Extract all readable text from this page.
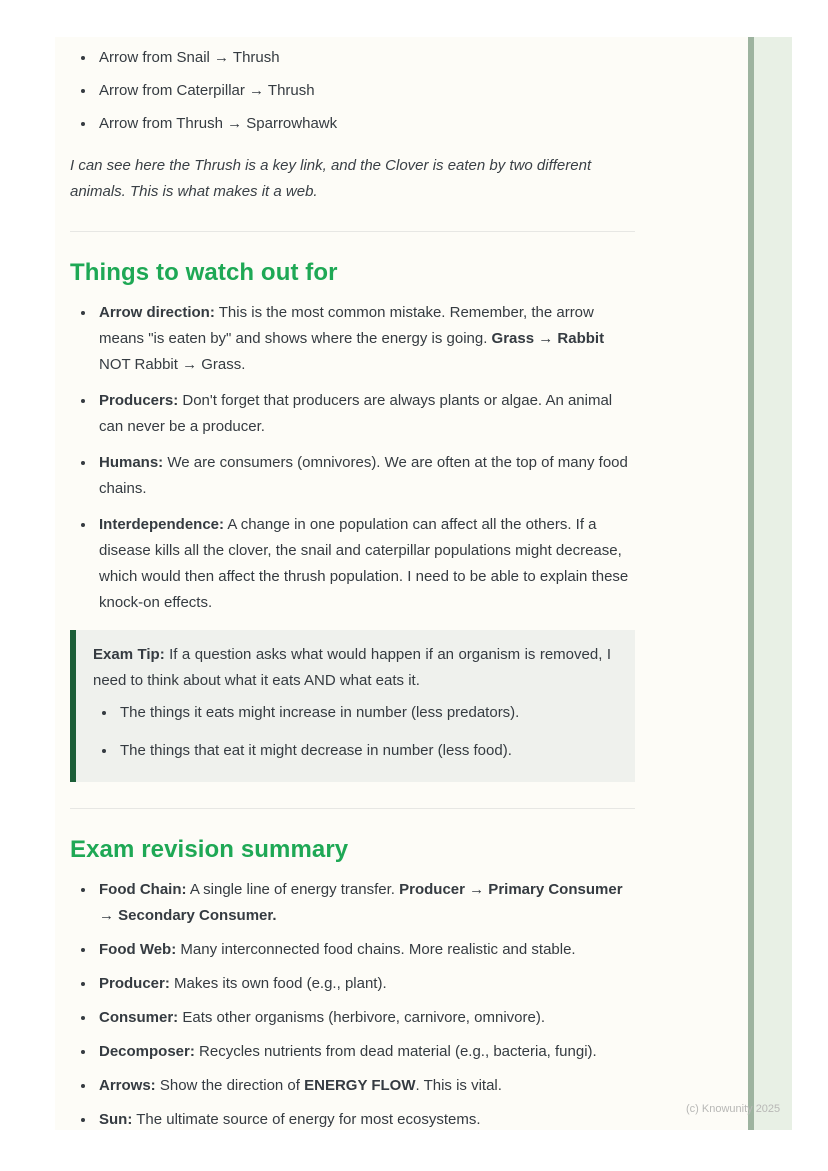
• Arrow from Snail → Thrush
• Arrow from Caterpillar → Thrush
• Arrow from Thrush → Sparrowhawk

I can see here the Thrush is a key link, and the Clover is eaten by two different animals. This is what makes it a web.

Things to watch out for
• Arrow direction: This is the most common mistake. Remember, the arrow means "is eaten by" and shows where the energy is going. Grass → Rabbit NOT Rabbit → Grass.
• Producers: Don't forget that producers are always plants or algae. An animal can never be a producer.
• Humans: We are consumers (omnivores). We are often at the top of many food chains.
• Interdependence: A change in one population can affect all the others. If a disease kills all the clover, the snail and caterpillar populations might decrease, which would then affect the thrush population. I need to be able to explain these knock-on effects.

Exam Tip: If a question asks what would happen if an organism is removed, I need to think about what it eats AND what eats it.

• The things it eats might increase in number (less predators).
• The things that eat it might decrease in number (less food).
Exam revision summary
• Food Chain: A single line of energy transfer. Producer → Primary Consumer → Secondary Consumer.
• Food Web: Many interconnected food chains. More realistic and stable.
• Producer: Makes its own food (e.g., plant).
• Consumer: Eats other organisms (herbivore, carnivore, omnivore).
• Decomposer: Recycles nutrients from dead material (e.g., bacteria, fungi).
• Arrows: Show the direction of ENERGY FLOW. This is vital.
• Sun: The ultimate source of energy for most ecosystems.
(c) Knowunity 2025
